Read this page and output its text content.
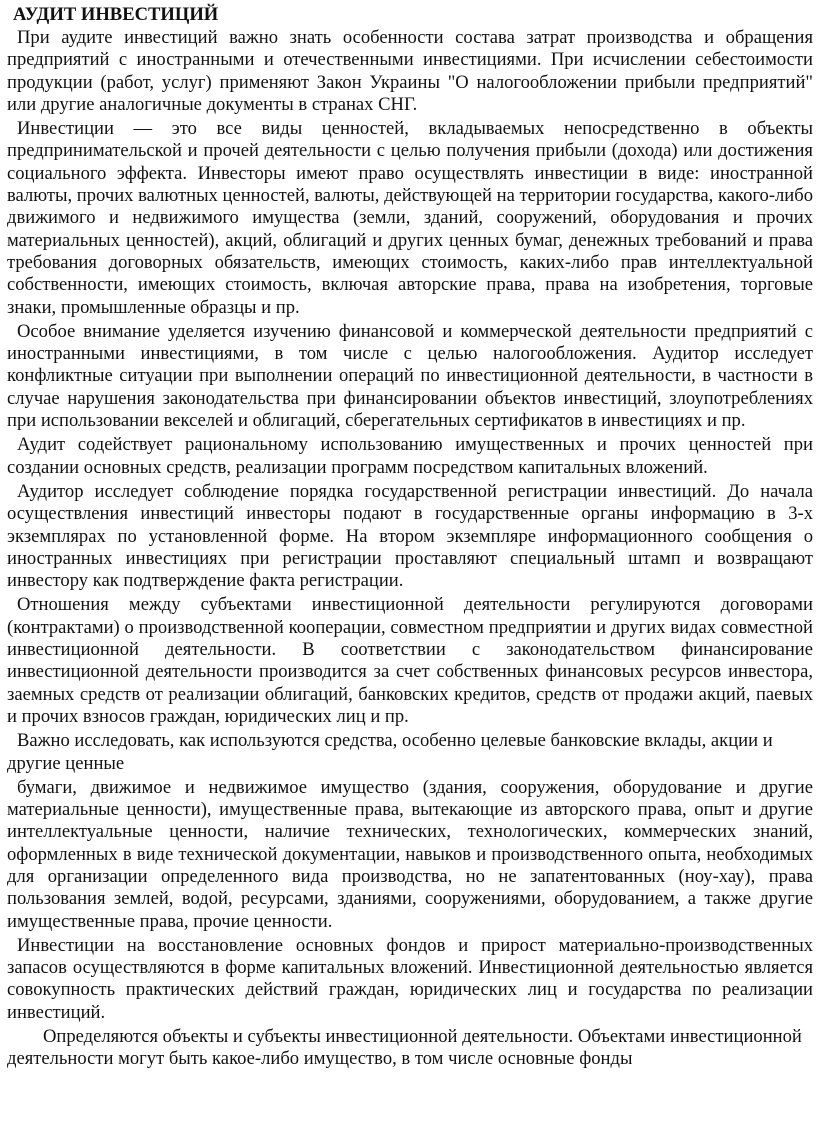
АУДИТ ИНВЕСТИЦИЙ

При аудите инвестиций важно знать особенности состава затрат производства и обращения предприятий с иностранными и отечественными инвестициями. При исчислении себестоимости продукции (работ, услуг) применяют Закон Украины "О налогообложении прибыли предприятий" или другие аналогичные документы в странах СНГ.

Инвестиции — это все виды ценностей, вкладываемых непосредственно в объекты предпринимательской и прочей деятельности с целью получения прибыли (дохода) или достижения социального эффекта. Инвесторы имеют право осуществлять инвестиции в виде: иностранной валюты, прочих валютных ценностей, валюты, действующей на территории государства, какого-либо движимого и недвижимого имущества (земли, зданий, сооружений, оборудования и прочих материальных ценностей), акций, облигаций и других ценных бумаг, денежных требований и права требования договорных обязательств, имеющих стоимость, каких-либо прав интеллектуальной собственности, имеющих стоимость, включая авторские права, права на изобретения, торговые знаки, промышленные образцы и пр.

Особое внимание уделяется изучению финансовой и коммерческой деятельности предприятий с иностранными инвестициями, в том числе с целью налогообложения. Аудитор исследует конфликтные ситуации при выполнении операций по инвестиционной деятельности, в частности в случае нарушения законодательства при финансировании объектов инвестиций, злоупотреблениях при использовании векселей и облигаций, сберегательных сертификатов в инвестициях и пр.

Аудит содействует рациональному использованию имущественных и прочих ценностей при создании основных средств, реализации программ посредством капитальных вложений.

Аудитор исследует соблюдение порядка государственной регистрации инвестиций. До начала осуществления инвестиций инвесторы подают в государственные органы информацию в 3-х экземплярах по установленной форме. На втором экземпляре информационного сообщения о иностранных инвестициях при регистрации проставляют специальный штамп и возвращают инвестору как подтверждение факта регистрации.

Отношения между субъектами инвестиционной деятельности регулируются договорами (контрактами) о производственной кооперации, совместном предприятии и других видах совместной инвестиционной деятельности. В соответствии с законодательством финансирование инвестиционной деятельности производится за счет собственных финансовых ресурсов инвестора, заемных средств от реализации облигаций, банковских кредитов, средств от продажи акций, паевых и прочих взносов граждан, юридических лиц и пр.

Важно исследовать, как используются средства, особенно целевые банковские вклады, акции и другие ценные

бумаги, движимое и недвижимое имущество (здания, сооружения, оборудование и другие материальные ценности), имущественные права, вытекающие из авторского права, опыт и другие интеллектуальные ценности, наличие технических, технологических, коммерческих знаний, оформленных в виде технической документации, навыков и производственного опыта, необходимых для организации определенного вида производства, но не запатентованных (ноу-хау), права пользования землей, водой, ресурсами, зданиями, сооружениями, оборудованием, а также другие имущественные права, прочие ценности.

Инвестиции на восстановление основных фондов и прирост материально-производственных запасов осуществляются в форме капитальных вложений. Инвестиционной деятельностью является совокупность практических действий граждан, юридических лиц и государства по реализации инвестиций.

Определяются объекты и субъекты инвестиционной деятельности. Объектами инвестиционной деятельности могут быть какое-либо имущество, в том числе основные фонды
